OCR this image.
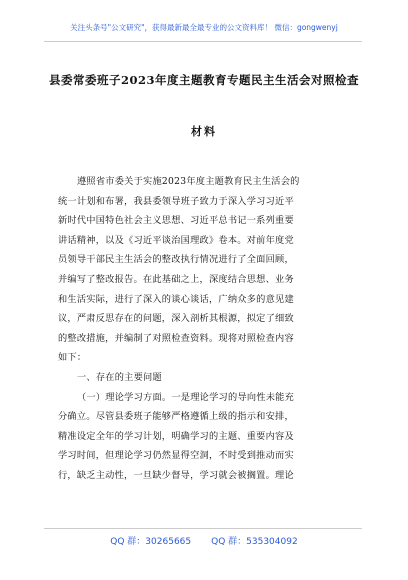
关注头条号"公文研究"，获得最新最全最专业的公文资料库！ 微信：gongwenyj
县委常委班子2023年度主题教育专题民主生活会对照检查
材料
遵照省市委关于实施2023年度主题教育民主生活会的
统一计划和布署，我县委领导班子致力于深入学习习近平
新时代中国特色社会主义思想、习近平总书记一系列重要
讲话精神，以及《习近平谈治国理政》卷本。对前年度党
员领导干部民主生活会的整改执行情况进行了全面回顾，
并编写了整改报告。在此基础之上，深度结合思想、业务
和生活实际，进行了深入的谈心谈话，广纳众多的意见建
议，严肃反思存在的问题，深入剖析其根源，拟定了细致
的整改措施，并编制了对照检查资料。现将对照检查内容
如下：
一、存在的主要问题
（一）理论学习方面。一是理论学习的导向性未能充
分确立。尽管县委班子能够严格遵循上级的指示和安排，
精准设定全年的学习计划，明确学习的主题、重要内容及
学习时间，但理论学习仍然显得空洞，不时受到推动而实
行，缺乏主动性，一旦缺少督导，学习就会被搁置。理论
QQ 群：30265665 QQ 群：535304092
